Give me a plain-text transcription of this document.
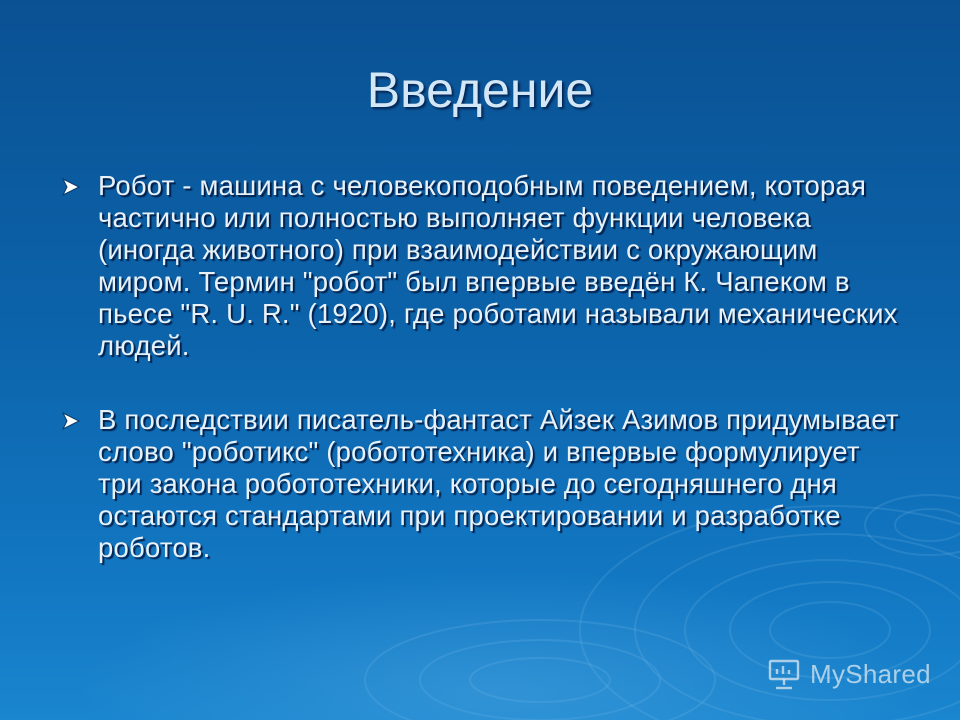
Введение
Робот - машина с человекоподобным поведением, которая частично или полностью выполняет функции человека (иногда животного) при взаимодействии с окружающим миром. Термин "робот" был впервые введён К. Чапеком в пьесе "R. U. R." (1920), где роботами называли механических людей.
В последствии писатель-фантаст Айзек Азимов придумывает слово "роботикс" (робототехника) и впервые формулирует три закона робототехники, которые до сегодняшнего дня остаются стандартами при проектировании и разработке роботов.
MyShared
